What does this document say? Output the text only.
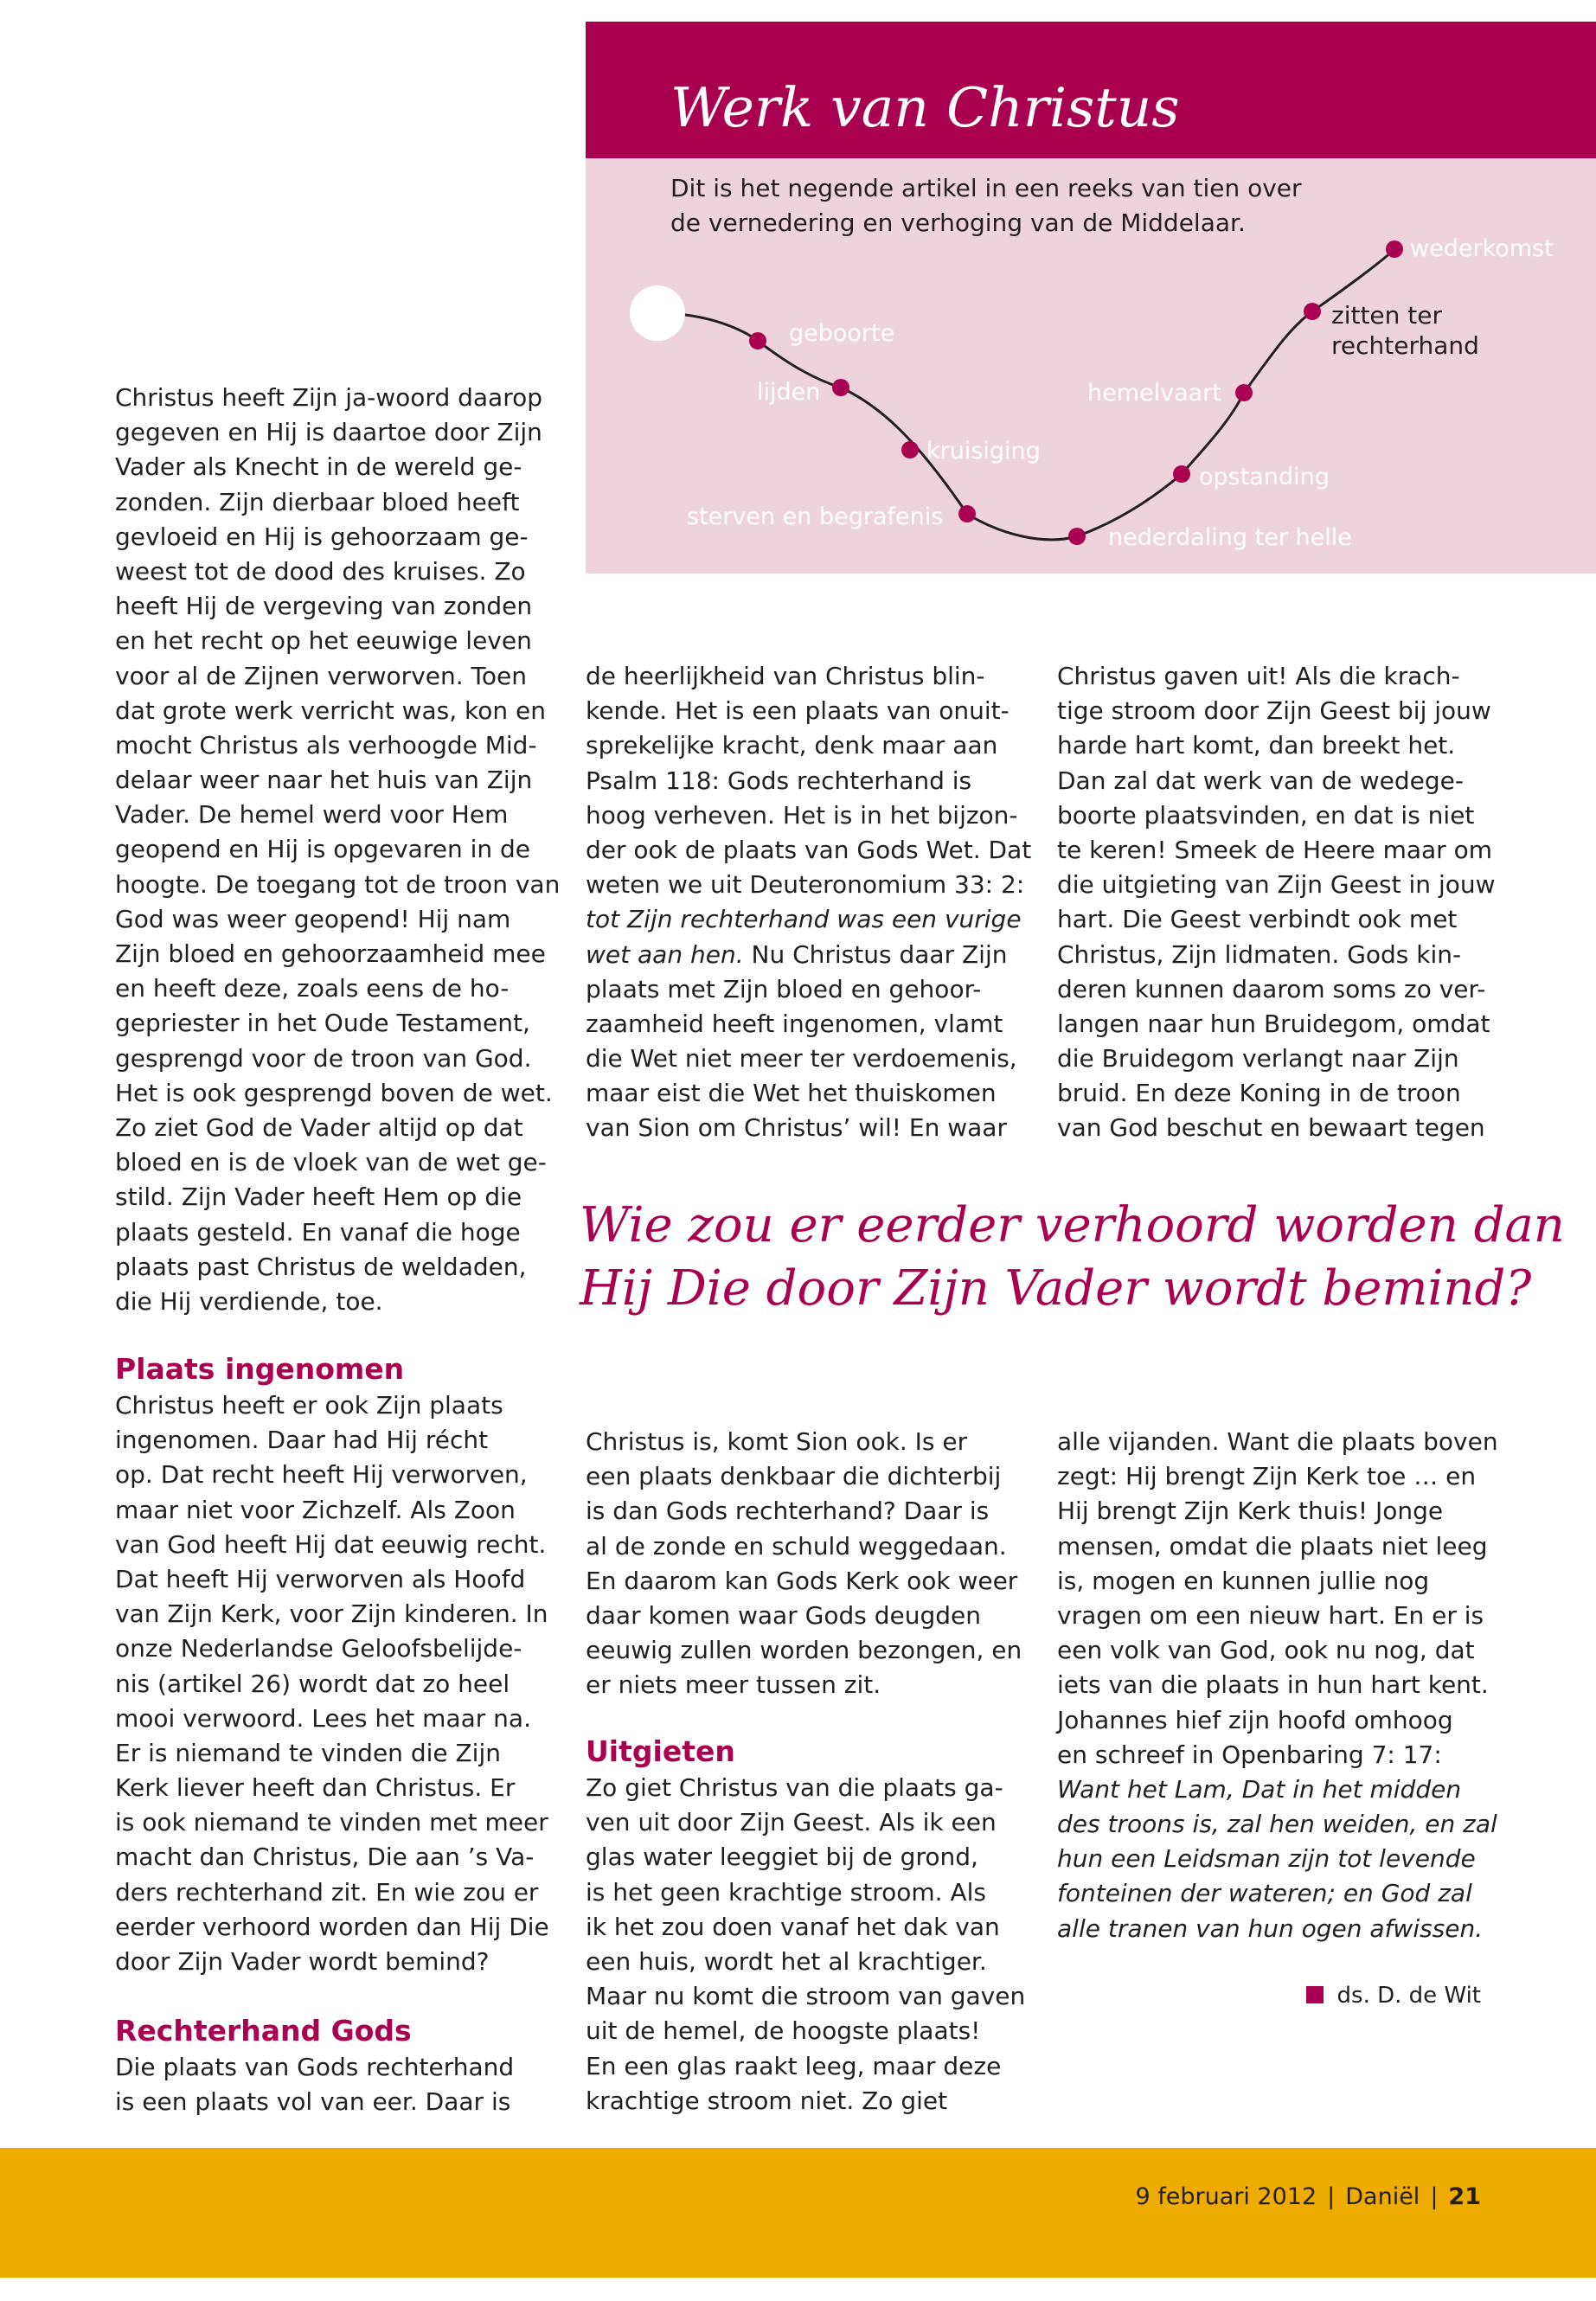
Werk van Christus
Dit is het negende artikel in een reeks van tien over
de vernedering en verhoging van de Middelaar.
geboorte
lijden
kruisiging
sterven en begrafenis
nederdaling ter helle
opstanding
hemelvaart
zitten ter
rechterhand
wederkomst
Christus heeft Zijn ja-woord daarop
gegeven en Hij is daartoe door Zijn
Vader als Knecht in de wereld ge-
zonden. Zijn dierbaar bloed heeft
gevloeid en Hij is gehoorzaam ge-
weest tot de dood des kruises. Zo
heeft Hij de vergeving van zonden
en het recht op het eeuwige leven
voor al de Zijnen verworven. Toen
dat grote werk verricht was, kon en
mocht Christus als verhoogde Mid-
delaar weer naar het huis van Zijn
Vader. De hemel werd voor Hem
geopend en Hij is opgevaren in de
hoogte. De toegang tot de troon van
God was weer geopend! Hij nam
Zijn bloed en gehoorzaamheid mee
en heeft deze, zoals eens de ho-
gepriester in het Oude Testament,
gesprengd voor de troon van God.
Het is ook gesprengd boven de wet.
Zo ziet God de Vader altijd op dat
bloed en is de vloek van de wet ge-
stild. Zijn Vader heeft Hem op die
plaats gesteld. En vanaf die hoge
plaats past Christus de weldaden,
die Hij verdiende, toe.
Plaats ingenomen
Christus heeft er ook Zijn plaats
ingenomen. Daar had Hij récht
op. Dat recht heeft Hij verworven,
maar niet voor Zichzelf. Als Zoon
van God heeft Hij dat eeuwig recht.
Dat heeft Hij verworven als Hoofd
van Zijn Kerk, voor Zijn kinderen. In
onze Nederlandse Geloofsbelijde-
nis (artikel 26) wordt dat zo heel
mooi verwoord. Lees het maar na.
Er is niemand te vinden die Zijn
Kerk liever heeft dan Christus. Er
is ook niemand te vinden met meer
macht dan Christus, Die aan ’s Va-
ders rechterhand zit. En wie zou er
eerder verhoord worden dan Hij Die
door Zijn Vader wordt bemind?
Rechterhand Gods
Die plaats van Gods rechterhand
is een plaats vol van eer. Daar is
de heerlijkheid van Christus blin-
kende. Het is een plaats van onuit-
sprekelijke kracht, denk maar aan
Psalm 118: Gods rechterhand is
hoog verheven. Het is in het bijzon-
der ook de plaats van Gods Wet. Dat
weten we uit Deuteronomium 33: 2:
tot Zijn rechterhand was een vurige
wet aan hen. Nu Christus daar Zijn
plaats met Zijn bloed en gehoor-
zaamheid heeft ingenomen, vlamt
die Wet niet meer ter verdoemenis,
maar eist die Wet het thuiskomen
van Sion om Christus’ wil! En waar
Wie zou er eerder verhoord worden dan
Hij Die door Zijn Vader wordt bemind?
Christus is, komt Sion ook. Is er
een plaats denkbaar die dichterbij
is dan Gods rechterhand? Daar is
al de zonde en schuld weggedaan.
En daarom kan Gods Kerk ook weer
daar komen waar Gods deugden
eeuwig zullen worden bezongen, en
er niets meer tussen zit.
Uitgieten
Zo giet Christus van die plaats ga-
ven uit door Zijn Geest. Als ik een
glas water leeggiet bij de grond,
is het geen krachtige stroom. Als
ik het zou doen vanaf het dak van
een huis, wordt het al krachtiger.
Maar nu komt die stroom van gaven
uit de hemel, de hoogste plaats!
En een glas raakt leeg, maar deze
krachtige stroom niet. Zo giet
Christus gaven uit! Als die krach-
tige stroom door Zijn Geest bij jouw
harde hart komt, dan breekt het.
Dan zal dat werk van de wedege-
boorte plaatsvinden, en dat is niet
te keren! Smeek de Heere maar om
die uitgieting van Zijn Geest in jouw
hart. Die Geest verbindt ook met
Christus, Zijn lidmaten. Gods kin-
deren kunnen daarom soms zo ver-
langen naar hun Bruidegom, omdat
die Bruidegom verlangt naar Zijn
bruid. En deze Koning in de troon
van God beschut en bewaart tegen
alle vijanden. Want die plaats boven
zegt: Hij brengt Zijn Kerk toe … en
Hij brengt Zijn Kerk thuis! Jonge
mensen, omdat die plaats niet leeg
is, mogen en kunnen jullie nog
vragen om een nieuw hart. En er is
een volk van God, ook nu nog, dat
iets van die plaats in hun hart kent.
Johannes hief zijn hoofd omhoog
en schreef in Openbaring 7: 17:
Want het Lam, Dat in het midden
des troons is, zal hen weiden, en zal
hun een Leidsman zijn tot levende
fonteinen der wateren; en God zal
alle tranen van hun ogen afwissen.
ds. D. de Wit
9 februari 2012 | Daniël | 21
